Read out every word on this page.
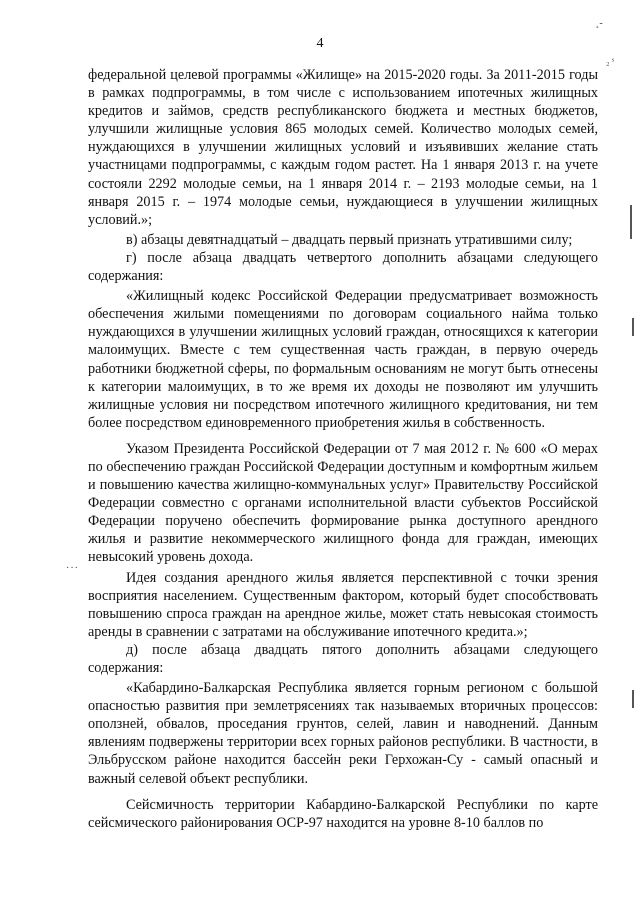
4
˛‑
₂ ˢ
···

федеральной целевой программы «Жилище» на 2015-2020 годы. За 2011-2015 годы в рамках подпрограммы, в том числе с использованием ипотечных жилищных кредитов и займов, средств республиканского бюджета и местных бюджетов, улучшили жилищные условия 865 молодых семей. Количество молодых семей, нуждающихся в улучшении жилищных условий и изъявивших желание стать участницами подпрограммы, с каждым годом растет. На 1 января 2013 г. на учете состояли 2292 молодые семьи, на 1 января 2014 г. – 2193 молодые семьи, на 1 января 2015 г. – 1974 молодые семьи, нуждающиеся в улучшении жилищных условий.»;

в) абзацы девятнадцатый – двадцать первый признать утратившими силу;

г) после абзаца двадцать четвертого дополнить абзацами следующего содержания:

«Жилищный кодекс Российской Федерации предусматривает возможность обеспечения жилыми помещениями по договорам социального найма только нуждающихся в улучшении жилищных условий граждан, относящихся к категории малоимущих. Вместе с тем существенная часть граждан, в первую очередь работники бюджетной сферы, по формальным основаниям не могут быть отнесены к категории малоимущих, в то же время их доходы не позволяют им улучшить жилищные условия ни посредством ипотечного жилищного кредитования, ни тем более посредством единовременного приобретения жилья в собственность.

Указом Президента Российской Федерации от 7 мая 2012 г. № 600 «О мерах по обеспечению граждан Российской Федерации доступным и комфортным жильем и повышению качества жилищно-коммунальных услуг» Правительству Российской Федерации совместно с органами исполнительной власти субъектов Российской Федерации поручено обеспечить формирование рынка доступного арендного жилья и развитие некоммерческого жилищного фонда для граждан, имеющих невысокий уровень дохода.

Идея создания арендного жилья является перспективной с точки зрения восприятия населением. Существенным фактором, который будет способствовать повышению спроса граждан на арендное жилье, может стать невысокая стоимость аренды в сравнении с затратами на обслуживание ипотечного кредита.»;

д) после абзаца двадцать пятого дополнить абзацами следующего содержания:

«Кабардино-Балкарская Республика является горным регионом с большой опасностью развития при землетрясениях так называемых вторичных процессов: оползней, обвалов, проседания грунтов, селей, лавин и наводнений. Данным явлениям подвержены территории всех горных районов республики. В частности, в Эльбрусском районе находится бассейн реки Герхожан-Су - самый опасный и важный селевой объект республики.

Сейсмичность территории Кабардино-Балкарской Республики по карте сейсмического районирования ОСР-97 находится на уровне 8-10 баллов по
